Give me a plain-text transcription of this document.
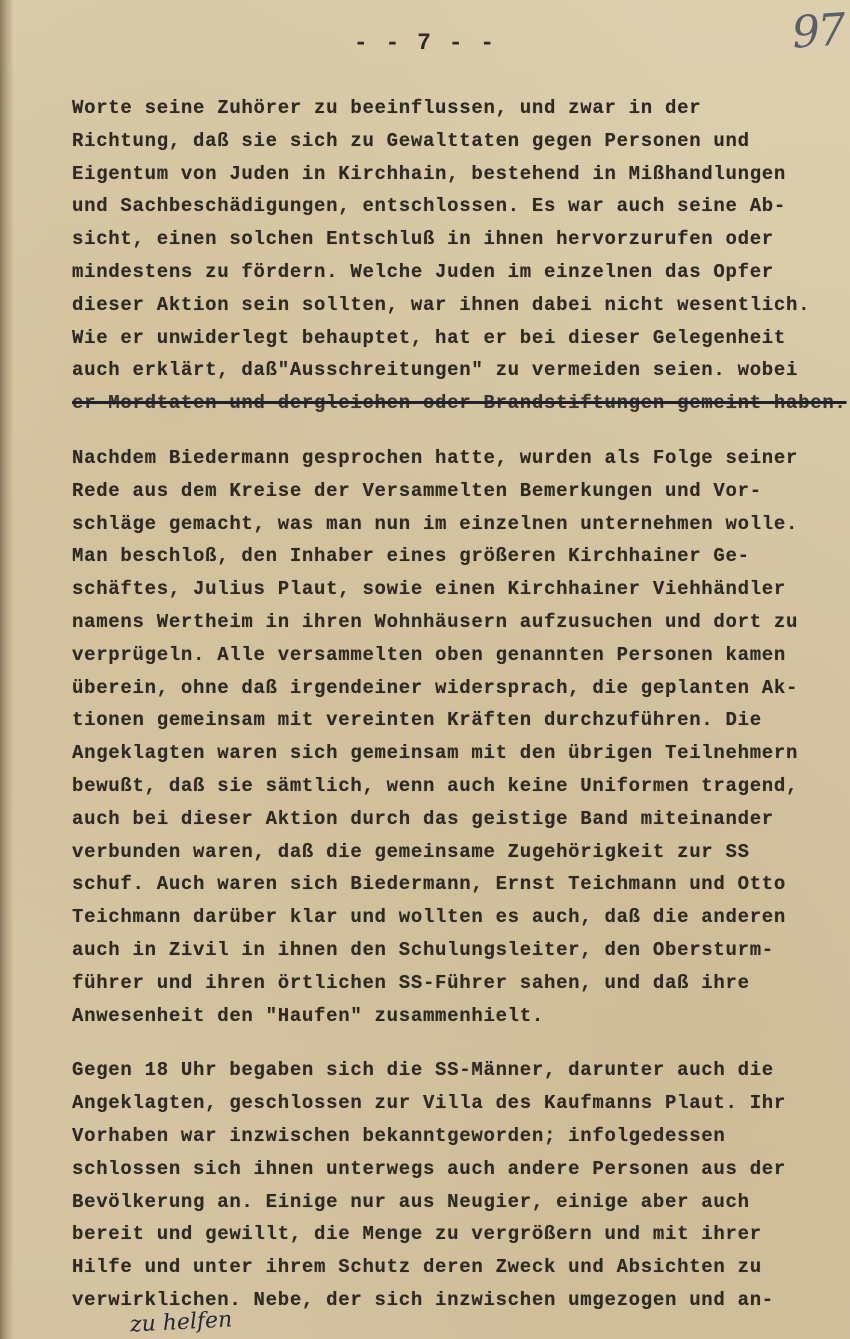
97
- - 7 - -
Worte seine Zuhörer zu beeinflussen, und zwar in der
Richtung, daß sie sich zu Gewalttaten gegen Personen und
Eigentum von Juden in Kirchhain, bestehend in Mißhandlungen
und Sachbeschädigungen, entschlossen. Es war auch seine Ab-
sicht, einen solchen Entschluß in ihnen hervorzurufen oder
mindestens zu fördern. Welche Juden im einzelnen das Opfer
dieser Aktion sein sollten, war ihnen dabei nicht wesentlich.
Wie er unwiderlegt behauptet, hat er bei dieser Gelegenheit
auch erklärt, daß"Ausschreitungen" zu vermeiden seien. wobei
er Mordtaten und dergleichen oder Brandstiftungen gemeint haben.
Nachdem Biedermann gesprochen hatte, wurden als Folge seiner
Rede aus dem Kreise der Versammelten Bemerkungen und Vor-
schläge gemacht, was man nun im einzelnen unternehmen wolle.
Man beschloß, den Inhaber eines größeren Kirchhainer Ge-
schäftes, Julius Plaut, sowie einen Kirchhainer Viehhändler
namens Wertheim in ihren Wohnhäusern aufzusuchen und dort zu
verprügeln. Alle versammelten oben genannten Personen kamen
überein, ohne daß irgendeiner widersprach, die geplanten Ak-
tionen gemeinsam mit vereinten Kräften durchzuführen. Die
Angeklagten waren sich gemeinsam mit den übrigen Teilnehmern
bewußt, daß sie sämtlich, wenn auch keine Uniformen tragend,
auch bei dieser Aktion durch das geistige Band miteinander
verbunden waren, daß die gemeinsame Zugehörigkeit zur SS
schuf. Auch waren sich Biedermann, Ernst Teichmann und Otto
Teichmann darüber klar und wollten es auch, daß die anderen
auch in Zivil in ihnen den Schulungsleiter, den Obersturm-
führer und ihren örtlichen SS-Führer sahen, und daß ihre
Anwesenheit den "Haufen" zusammenhielt.
Gegen 18 Uhr begaben sich die SS-Männer, darunter auch die
Angeklagten, geschlossen zur Villa des Kaufmanns Plaut. Ihr
Vorhaben war inzwischen bekanntgeworden; infolgedessen
schlossen sich ihnen unterwegs auch andere Personen aus der
Bevölkerung an. Einige nur aus Neugier, einige aber auch
bereit und gewillt, die Menge zu vergrößern und mit ihrer
Hilfe und unter ihrem Schutz deren Zweck und Absichten zu
verwirklichen. Nebe, der sich inzwischen umgezogen und an-
zu helfen
